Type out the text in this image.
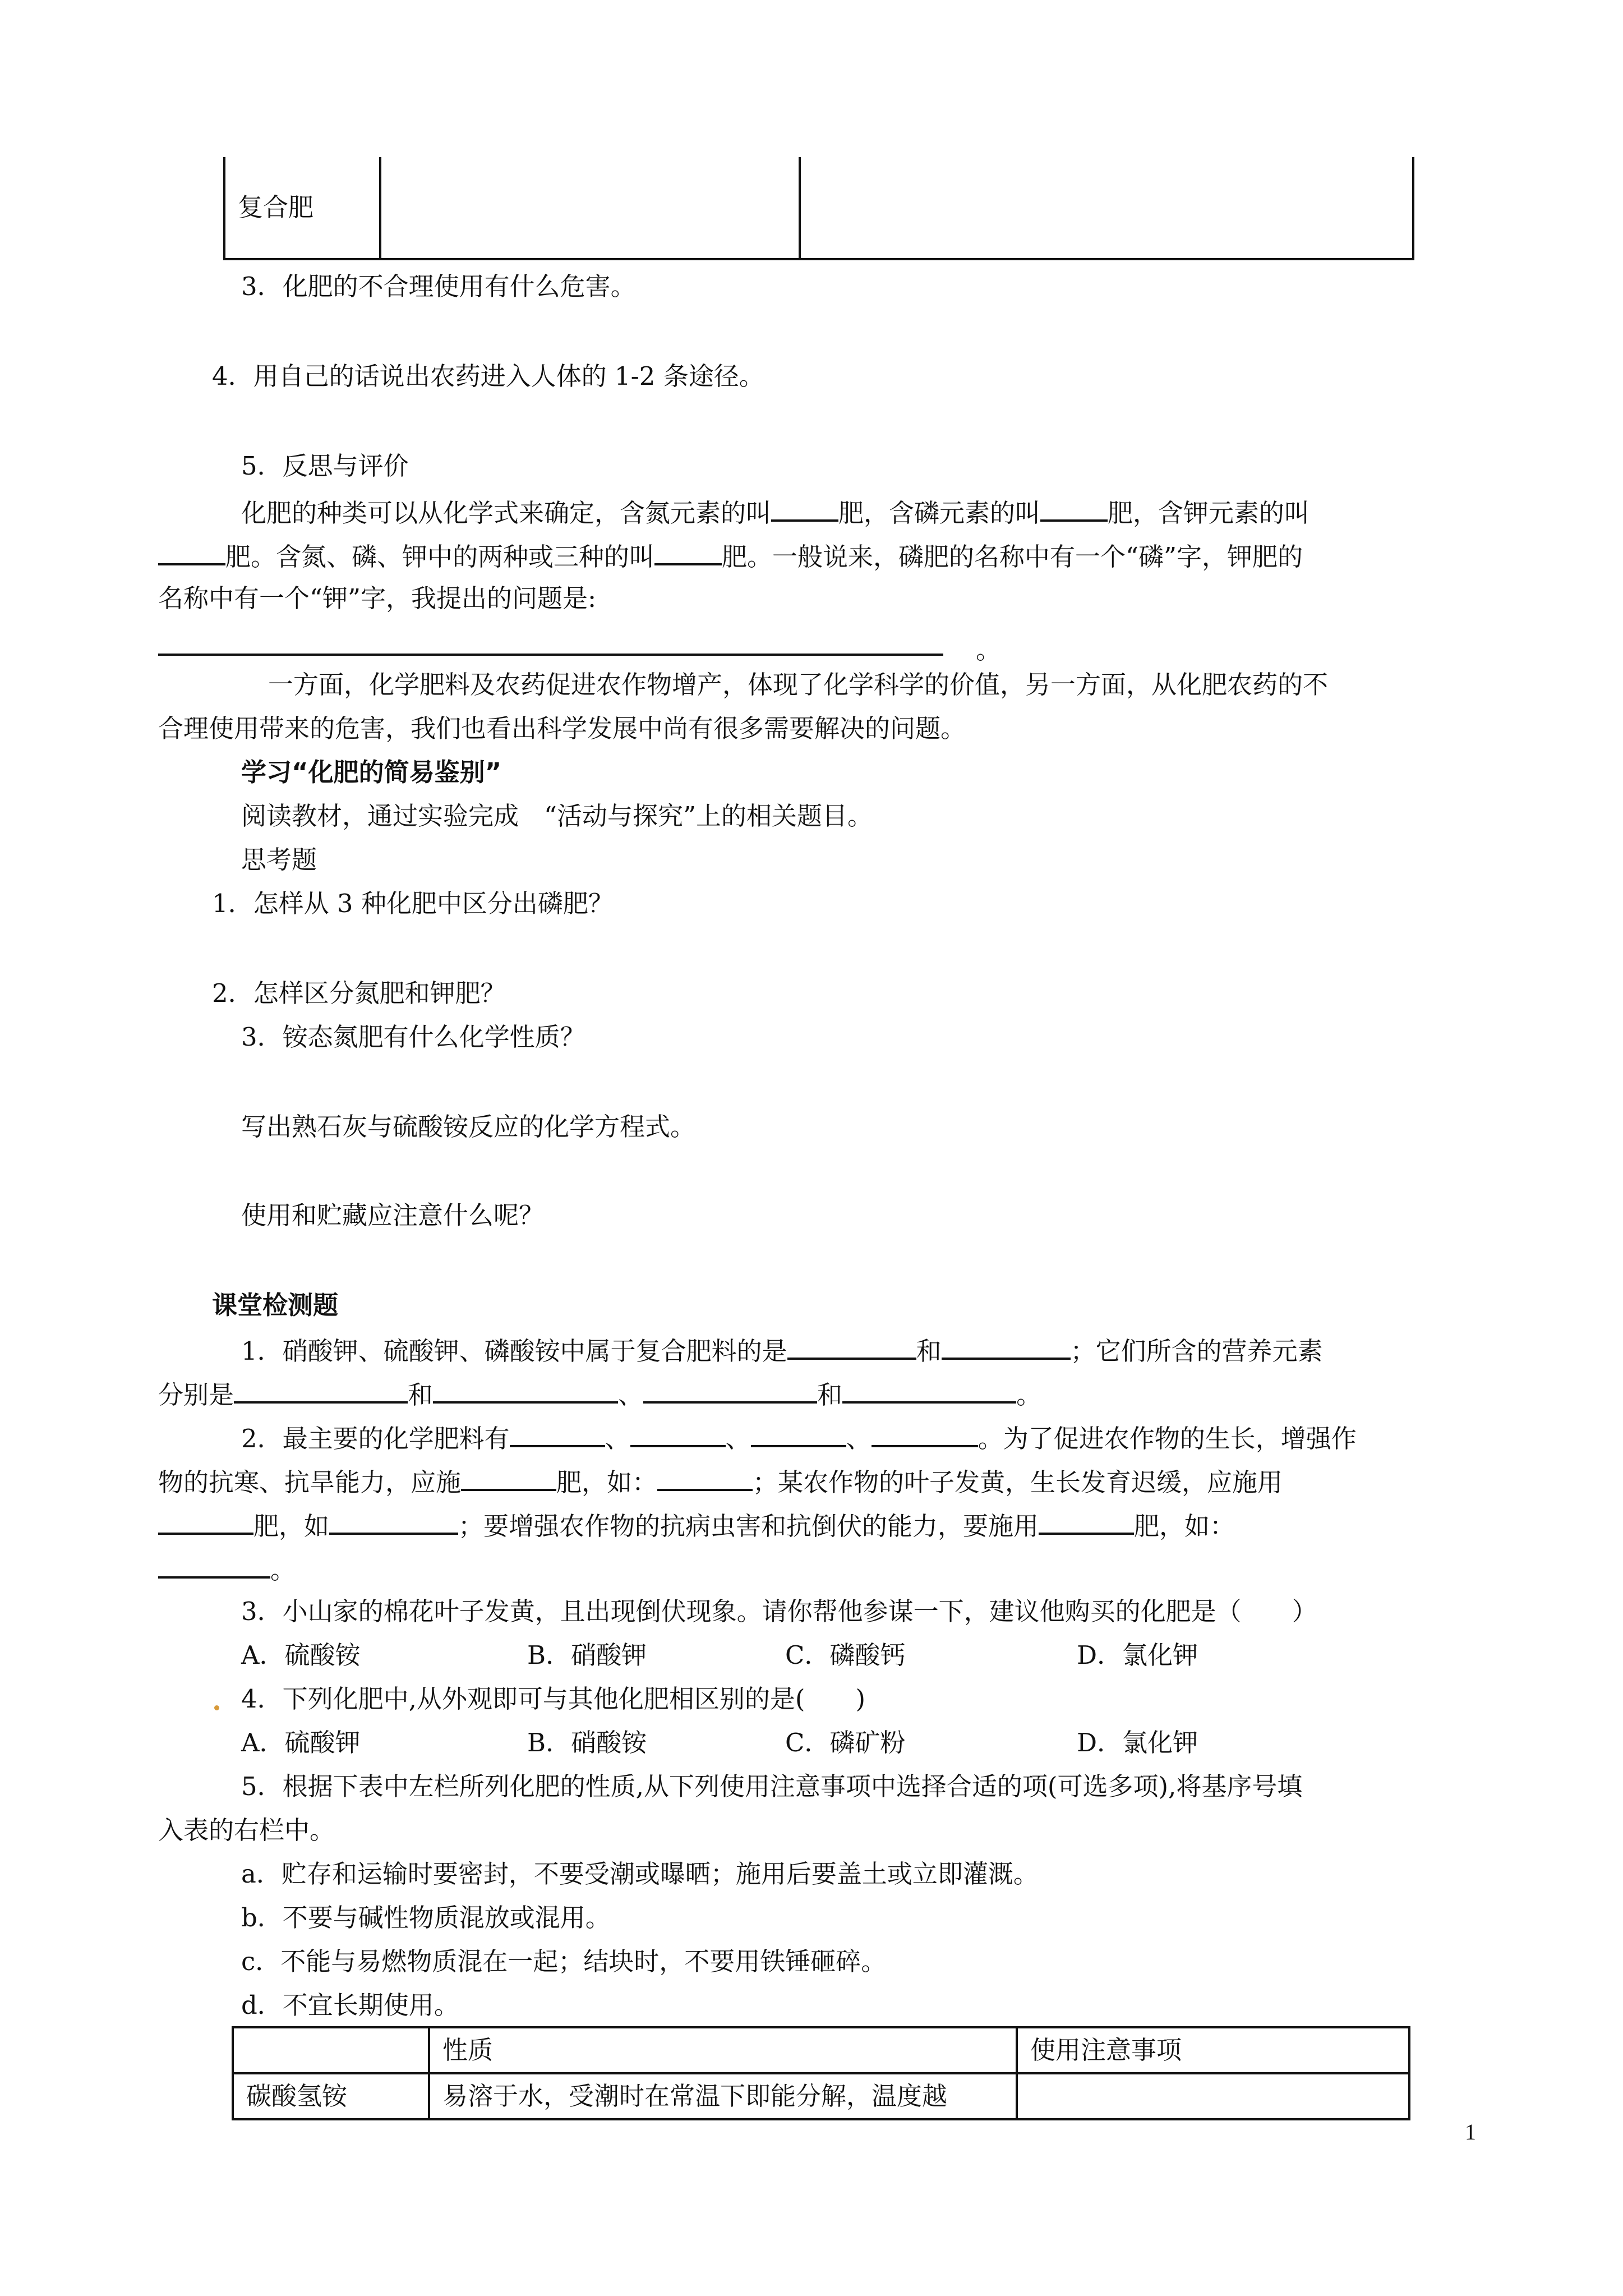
复合肥		
3．化肥的不合理使用有什么危害。
4．用自己的话说出农药进入人体的 1-2 条途径。
5．反思与评价
化肥的种类可以从化学式来确定，含氮元素的叫	肥，含磷元素的叫	肥，含钾元素的叫
肥。含氮、磷、钾中的两种或三种的叫	肥。一般说来，磷肥的名称中有一个“磷”字，钾肥的
名称中有一个“钾”字，我提出的问题是:
。
一方面，化学肥料及农药促进农作物增产，体现了化学科学的价值，另一方面，从化肥农药的不
合理使用带来的危害，我们也看出科学发展中尚有很多需要解决的问题。
学习“化肥的简易鉴别”
阅读教材，通过实验完成　“活动与探究”上的相关题目。
思考题
1．怎样从 3 种化肥中区分出磷肥？
2．怎样区分氮肥和钾肥？
3．铵态氮肥有什么化学性质？
写出熟石灰与硫酸铵反应的化学方程式。
使用和贮藏应注意什么呢？
课堂检测题
1．硝酸钾、硫酸钾、磷酸铵中属于复合肥料的是	和	；它们所含的营养元素
分别是	和	、	和	。
2．最主要的化学肥料有	、	、	、	。为了促进农作物的生长，增强作
物的抗寒、抗旱能力，应施	肥，如：	；某农作物的叶子发黄，生长发育迟缓，应施用
肥，如	；要增强农作物的抗病虫害和抗倒伏的能力，要施用	肥，如：
。
3．小山家的棉花叶子发黄，且出现倒伏现象。请你帮他参谋一下，建议他购买的化肥是（　　）
A．硫酸铵	B．硝酸钾	C．磷酸钙	D．氯化钾
4．下列化肥中,从外观即可与其他化肥相区别的是(　　)
A．硫酸钾	B．硝酸铵	C．磷矿粉	D．氯化钾
5．根据下表中左栏所列化肥的性质,从下列使用注意事项中选择合适的项(可选多项),将基序号填
入表的右栏中。
a．贮存和运输时要密封，不要受潮或曝晒；施用后要盖土或立即灌溉。
b．不要与碱性物质混放或混用。
c．不能与易燃物质混在一起；结块时，不要用铁锤砸碎。
d．不宜长期使用。
	性质	使用注意事项
碳酸氢铵	易溶于水，受潮时在常温下即能分解，温度越	
1
